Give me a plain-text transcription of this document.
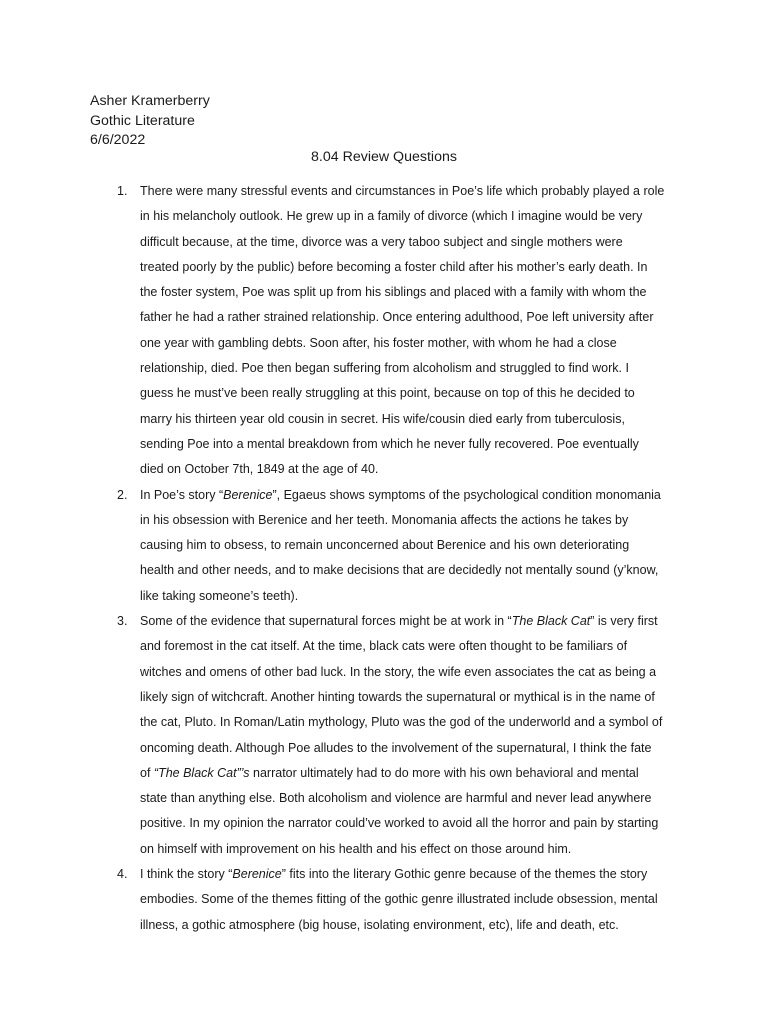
Asher Kramerberry
Gothic Literature
6/6/2022
8.04 Review Questions
1. There were many stressful events and circumstances in Poe’s life which probably played a role in his melancholy outlook. He grew up in a family of divorce (which I imagine would be very difficult because, at the time, divorce was a very taboo subject and single mothers were treated poorly by the public) before becoming a foster child after his mother’s early death. In the foster system, Poe was split up from his siblings and placed with a family with whom the father he had a rather strained relationship. Once entering adulthood, Poe left university after one year with gambling debts. Soon after, his foster mother, with whom he had a close relationship, died. Poe then began suffering from alcoholism and struggled to find work. I guess he must’ve been really struggling at this point, because on top of this he decided to marry his thirteen year old cousin in secret. His wife/cousin died early from tuberculosis, sending Poe into a mental breakdown from which he never fully recovered. Poe eventually died on October 7th, 1849 at the age of 40.
2. In Poe’s story “Berenice”, Egaeus shows symptoms of the psychological condition monomania in his obsession with Berenice and her teeth. Monomania affects the actions he takes by causing him to obsess, to remain unconcerned about Berenice and his own deteriorating health and other needs, and to make decisions that are decidedly not mentally sound (y’know, like taking someone’s teeth).
3. Some of the evidence that supernatural forces might be at work in “The Black Cat” is very first and foremost in the cat itself. At the time, black cats were often thought to be familiars of witches and omens of other bad luck. In the story, the wife even associates the cat as being a likely sign of witchcraft. Another hinting towards the supernatural or mythical is in the name of the cat, Pluto. In Roman/Latin mythology, Pluto was the god of the underworld and a symbol of oncoming death. Although Poe alludes to the involvement of the supernatural, I think the fate of “The Black Cat”’s narrator ultimately had to do more with his own behavioral and mental state than anything else. Both alcoholism and violence are harmful and never lead anywhere positive. In my opinion the narrator could’ve worked to avoid all the horror and pain by starting on himself with improvement on his health and his effect on those around him.
4. I think the story “Berenice” fits into the literary Gothic genre because of the themes the story embodies. Some of the themes fitting of the gothic genre illustrated include obsession, mental illness, a gothic atmosphere (big house, isolating environment, etc), life and death, etc.
